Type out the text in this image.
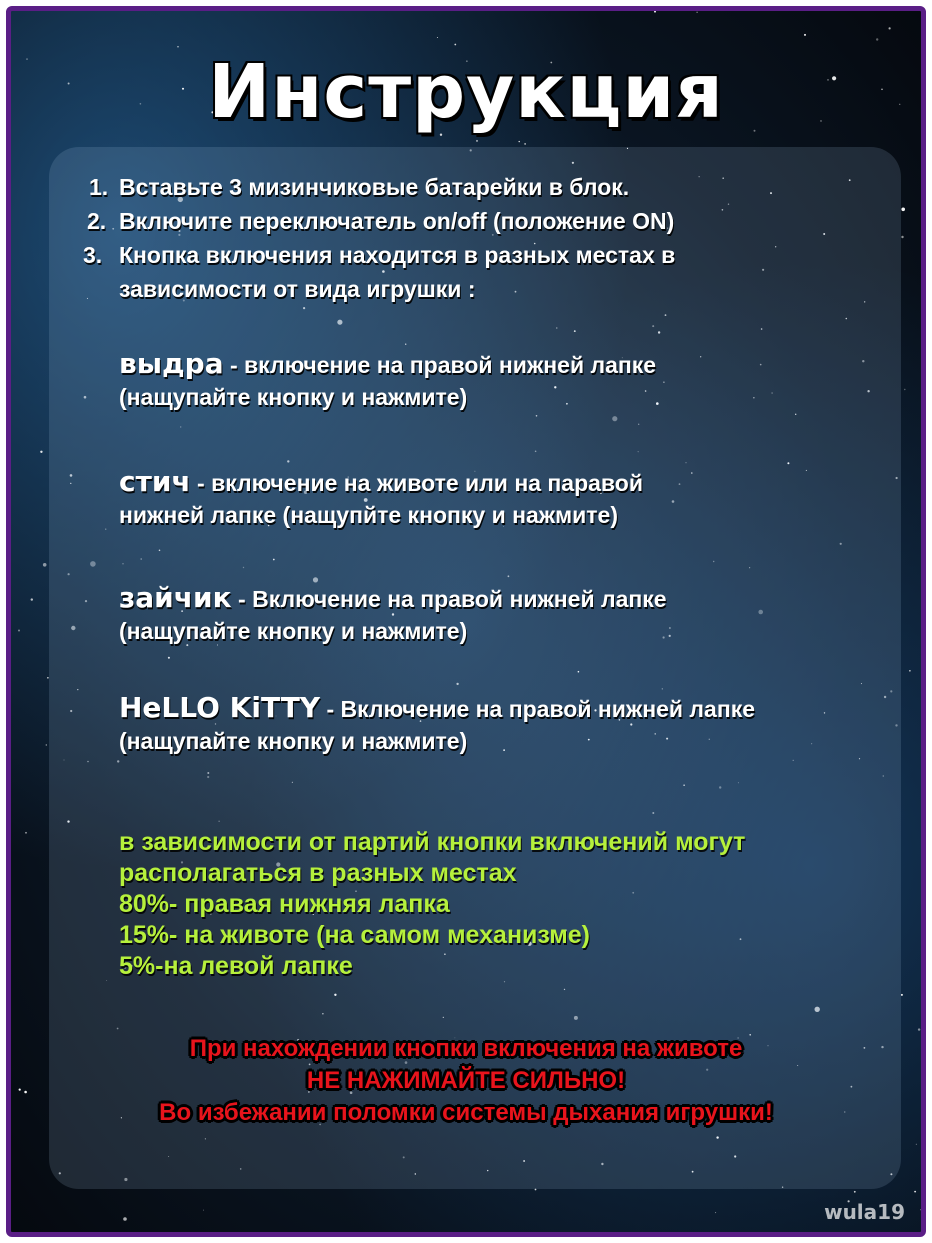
Инструкция
1. Вставьте 3 мизинчиковые батарейки в блок.

2. Включите переключатель on/off (положение ON)

3. Кнопка включения находится в разных местах в

зависимости от вида игрушки :

выдра - включение на правой нижней лапке

(нащупайте кнопку и нажмите)

стич - включение на животе или на паравой

нижней лапке (нащупйте кнопку и нажмите)

зайчик - Включение на правой нижней лапке

(нащупайте кнопку и нажмите)

HeLLO KiTTY - Включение на правой нижней лапке

(нащупайте кнопку и нажмите)

в зависимости от партий кнопки включений могут

располагаться в разных местах

80%- правая нижняя лапка

15%- на животе (на самом механизме)

5%-на левой лапке

При нахождении кнопки включения на животе

НЕ НАЖИМАЙТЕ СИЛЬНО!

Во избежании поломки системы дыхания игрушки!

wula19
